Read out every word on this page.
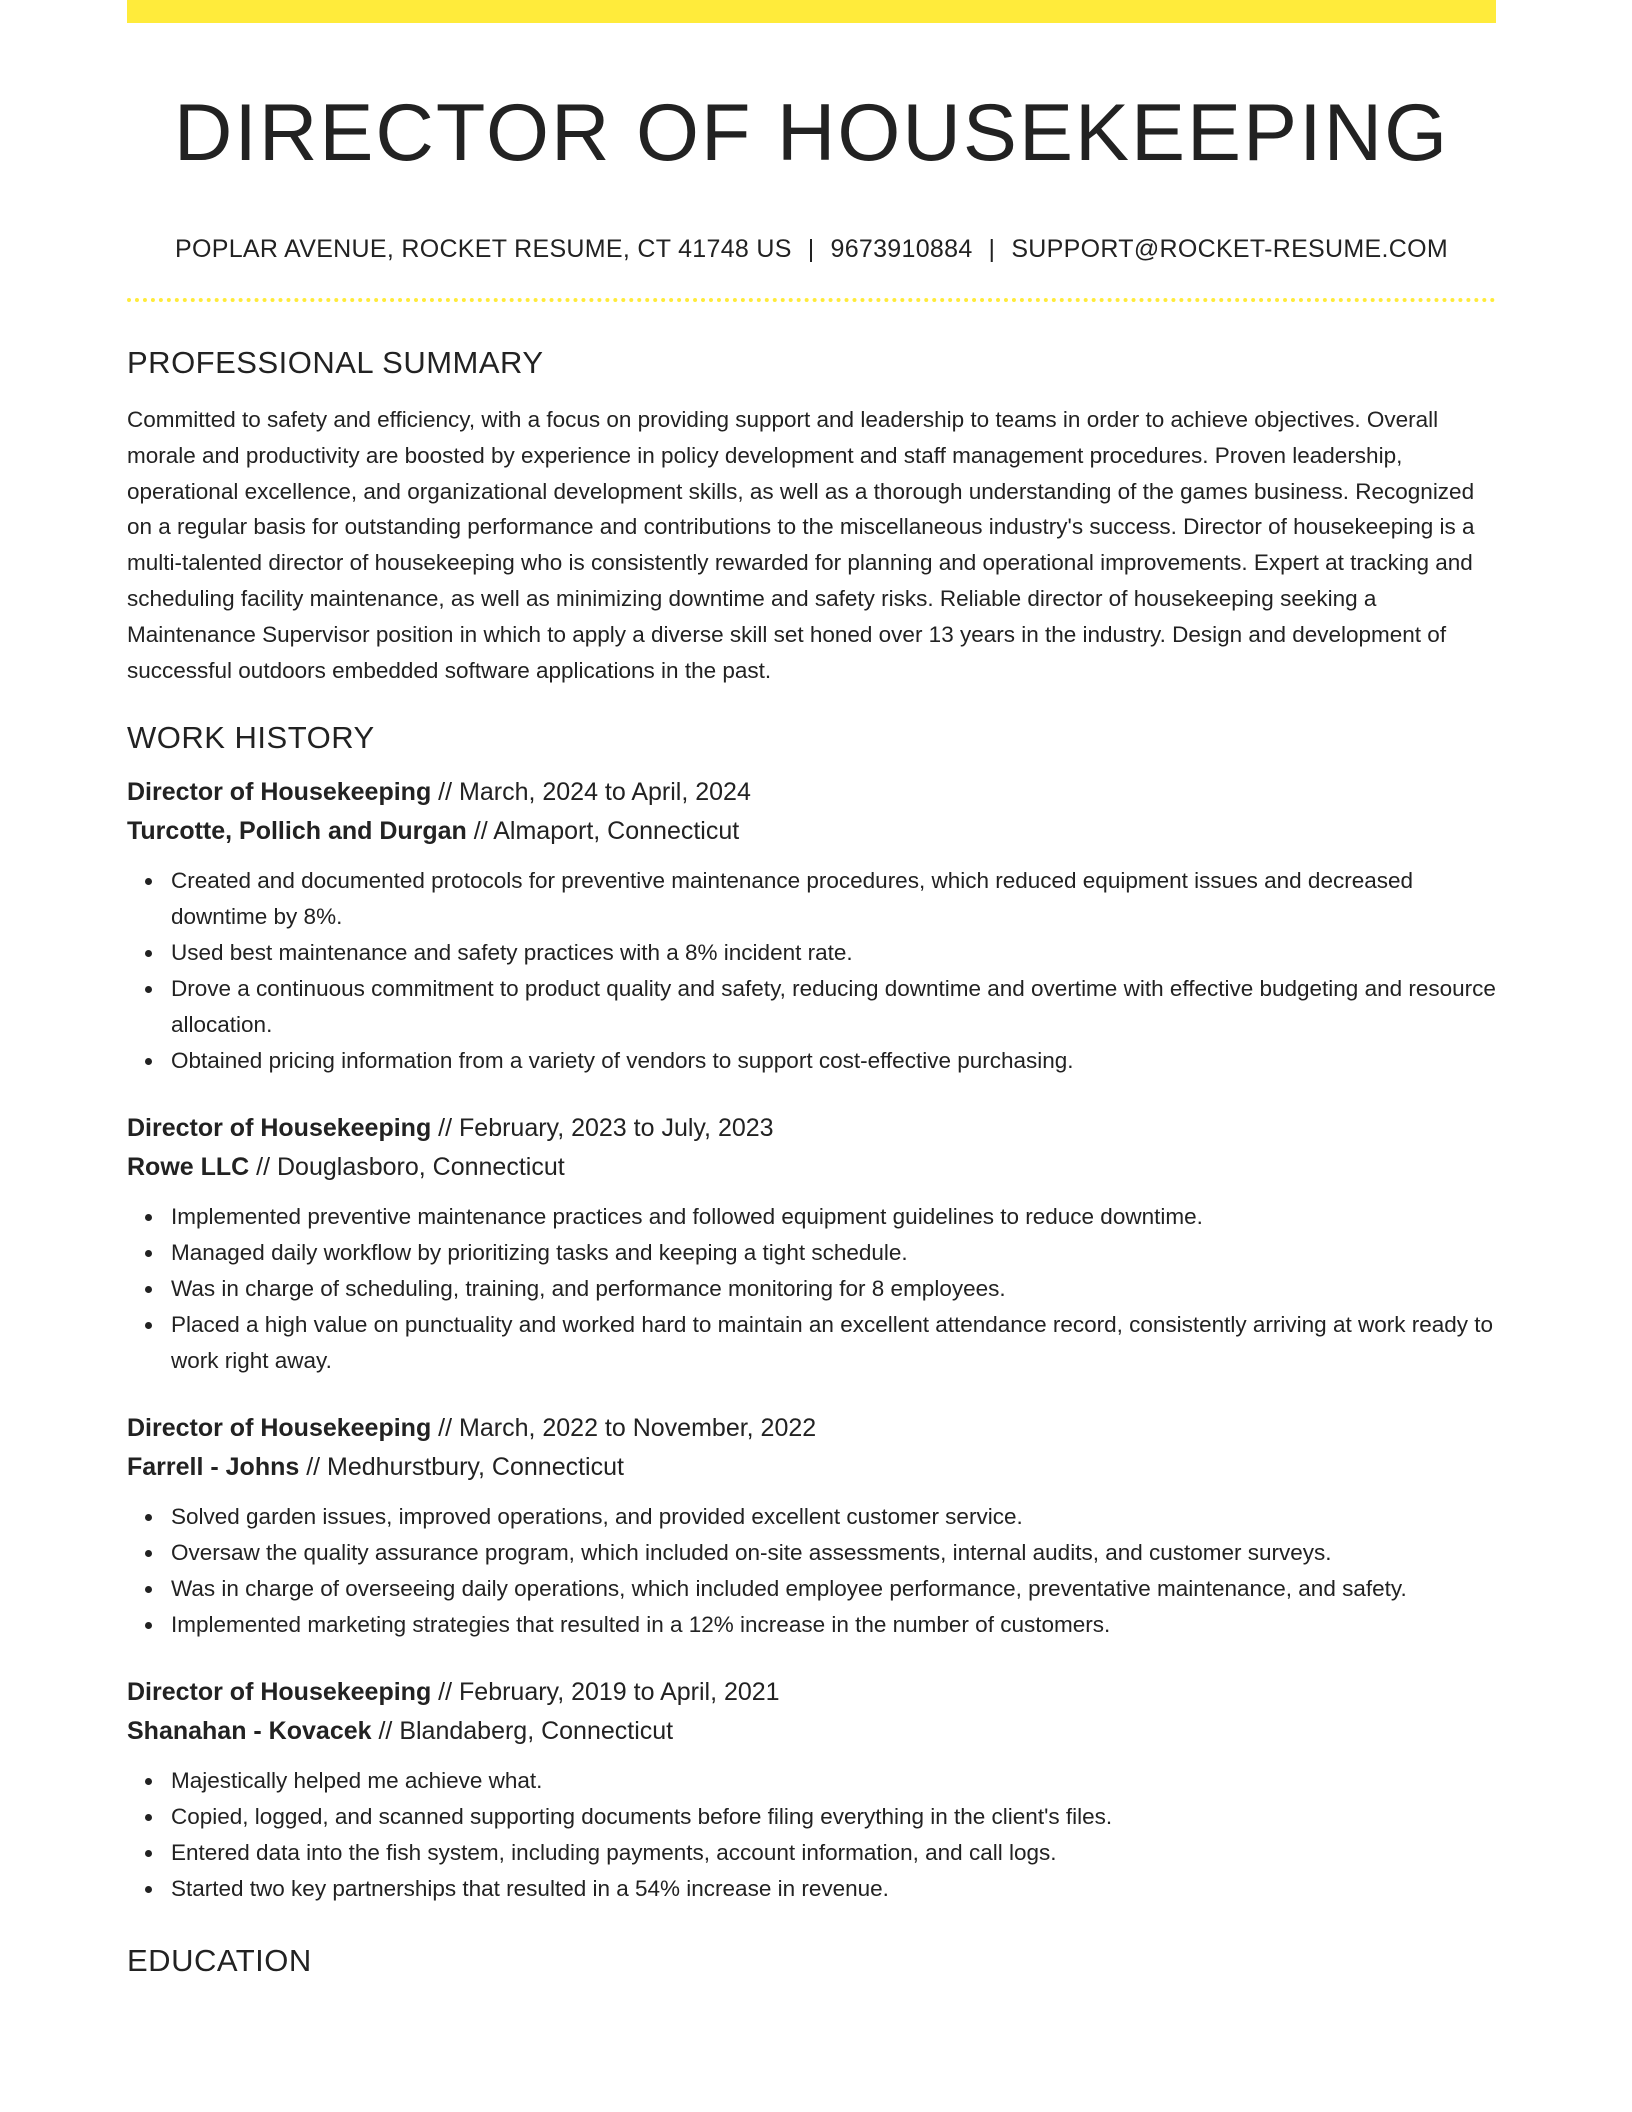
DIRECTOR OF HOUSEKEEPING
POPLAR AVENUE, ROCKET RESUME, CT 41748 US | 9673910884 | SUPPORT@ROCKET-RESUME.COM
PROFESSIONAL SUMMARY

Committed to safety and efficiency, with a focus on providing support and leadership to teams in order to achieve objectives. Overall morale and productivity are boosted by experience in policy development and staff management procedures. Proven leadership, operational excellence, and organizational development skills, as well as a thorough understanding of the games business. Recognized on a regular basis for outstanding performance and contributions to the miscellaneous industry's success. Director of housekeeping is a multi-talented director of housekeeping who is consistently rewarded for planning and operational improvements. Expert at tracking and scheduling facility maintenance, as well as minimizing downtime and safety risks. Reliable director of housekeeping seeking a Maintenance Supervisor position in which to apply a diverse skill set honed over 13 years in the industry. Design and development of successful outdoors embedded software applications in the past.

WORK HISTORY
Director of Housekeeping // March, 2024 to April, 2024
Turcotte, Pollich and Durgan // Almaport, Connecticut
Created and documented protocols for preventive maintenance procedures, which reduced equipment issues and decreased downtime by 8%.
Used best maintenance and safety practices with a 8% incident rate.
Drove a continuous commitment to product quality and safety, reducing downtime and overtime with effective budgeting and resource allocation.
Obtained pricing information from a variety of vendors to support cost-effective purchasing.
Director of Housekeeping // February, 2023 to July, 2023
Rowe LLC // Douglasboro, Connecticut
Implemented preventive maintenance practices and followed equipment guidelines to reduce downtime.
Managed daily workflow by prioritizing tasks and keeping a tight schedule.
Was in charge of scheduling, training, and performance monitoring for 8 employees.
Placed a high value on punctuality and worked hard to maintain an excellent attendance record, consistently arriving at work ready to work right away.
Director of Housekeeping // March, 2022 to November, 2022
Farrell - Johns // Medhurstbury, Connecticut
Solved garden issues, improved operations, and provided excellent customer service.
Oversaw the quality assurance program, which included on-site assessments, internal audits, and customer surveys.
Was in charge of overseeing daily operations, which included employee performance, preventative maintenance, and safety.
Implemented marketing strategies that resulted in a 12% increase in the number of customers.
Director of Housekeeping // February, 2019 to April, 2021
Shanahan - Kovacek // Blandaberg, Connecticut
Majestically helped me achieve what.
Copied, logged, and scanned supporting documents before filing everything in the client's files.
Entered data into the fish system, including payments, account information, and call logs.
Started two key partnerships that resulted in a 54% increase in revenue.
EDUCATION
